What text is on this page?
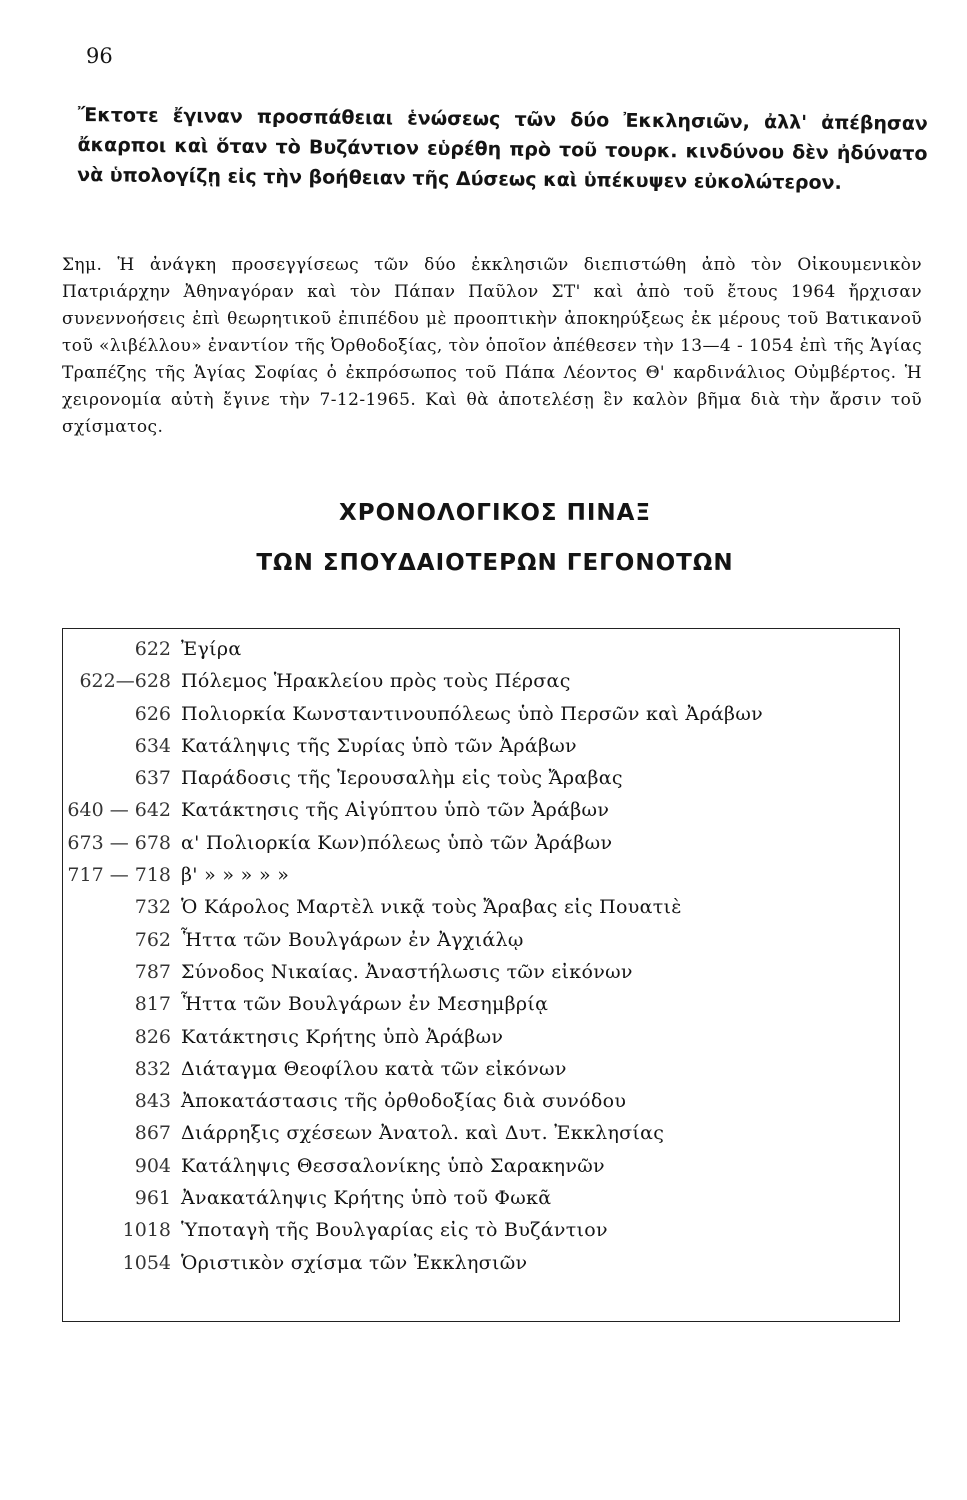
96
Ἔκτοτε ἔγιναν προσπάθειαι ἑνώσεως τῶν δύο Ἐκκλησιῶν, ἀλλ' ἀπέβησαν ἄκαρποι καὶ ὅταν τὸ Βυζάντιον εὑρέθη πρὸ τοῦ τουρκ. κινδύνου δὲν ἠδύνατο νὰ ὑπολογίζῃ εἰς τὴν βοήθειαν τῆς Δύσεως καὶ ὑπέκυψεν εὐκολώτερον.
Σημ. Ἡ ἀνάγκη προσεγγίσεως τῶν δύο ἐκκλησιῶν διεπιστώθη ἀπὸ τὸν Οἰκουμενικὸν Πατριάρχην Ἀθηναγόραν καὶ τὸν Πάπαν Παῦλον ΣΤ' καὶ ἀπὸ τοῦ ἔτους 1964 ἤρχισαν συνεννοήσεις ἐπὶ θεωρητικοῦ ἐπιπέδου μὲ προοπτικὴν ἀποκηρύξεως ἐκ μέρους τοῦ Βατικανοῦ τοῦ «λιβέλλου» ἐναντίον τῆς Ὀρθοδοξίας, τὸν ὁποῖον ἀπέθεσεν τὴν 13—4 - 1054 ἐπὶ τῆς Ἁγίας Τραπέζης τῆς Ἁγίας Σοφίας ὁ ἐκπρόσωπος τοῦ Πάπα Λέοντος Θ' καρδινάλιος Οὐμβέρτος. Ἡ χειρονομία αὐτὴ ἔγινε τὴν 7-12-1965. Καὶ θὰ ἀποτελέσῃ ἓν καλὸν βῆμα διὰ τὴν ἄρσιν τοῦ σχίσματος.
ΧΡΟΝΟΛΟΓΙΚΟΣ ΠΙΝΑΞ
ΤΩΝ ΣΠΟΥΔΑΙΟΤΕΡΩΝ ΓΕΓΟΝΟΤΩΝ
622 Ἐγίρα
622—628 Πόλεμος Ἡρακλείου πρὸς τοὺς Πέρσας
626 Πολιορκία Κωνσταντινουπόλεως ὑπὸ Περσῶν καὶ Ἀράβων
634 Κατάληψις τῆς Συρίας ὑπὸ τῶν Ἀράβων
637 Παράδοσις τῆς Ἱερουσαλὴμ εἰς τοὺς Ἄραβας
640 — 642 Κατάκτησις τῆς Αἰγύπτου ὑπὸ τῶν Ἀράβων
673 — 678 α' Πολιορκία Κων)πόλεως ὑπὸ τῶν Ἀράβων
717 — 718 β' » » » » »
732 Ὁ Κάρολος Μαρτὲλ νικᾷ τοὺς Ἄραβας εἰς Πουατιὲ
762 Ἧττα τῶν Βουλγάρων ἐν Ἀγχιάλῳ
787 Σύνοδος Νικαίας. Ἀναστήλωσις τῶν εἰκόνων
817 Ἧττα τῶν Βουλγάρων ἐν Μεσημβρίᾳ
826 Κατάκτησις Κρήτης ὑπὸ Ἀράβων
832 Διάταγμα Θεοφίλου κατὰ τῶν εἰκόνων
843 Ἀποκατάστασις τῆς ὀρθοδοξίας διὰ συνόδου
867 Διάρρηξις σχέσεων Ἀνατολ. καὶ Δυτ. Ἐκκλησίας
904 Κατάληψις Θεσσαλονίκης ὑπὸ Σαρακηνῶν
961 Ἀνακατάληψις Κρήτης ὑπὸ τοῦ Φωκᾶ
1018 Ὑποταγὴ τῆς Βουλγαρίας εἰς τὸ Βυζάντιον
1054 Ὁριστικὸν σχίσμα τῶν Ἐκκλησιῶν
